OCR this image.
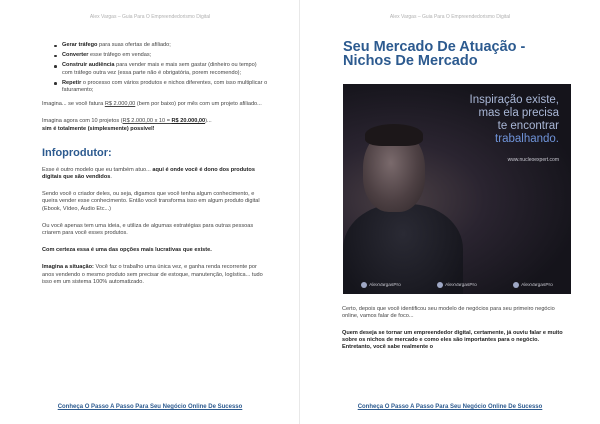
Alex Vargas – Guia Para O Empreendedorismo Digital
Gerar tráfego para suas ofertas de afiliado;
Converter esse tráfego em vendas;
Construir audiência para vender mais e mais sem gastar (dinheiro ou tempo) com tráfego outra vez (essa parte não é obrigatória, porem recomendo);
Repetir o processo com vários produtos e nichos diferentes, com isso multiplicar o faturamento;

Imagina... se você fatura R$ 2.000,00 (bem por baixo) por mês com um projeto afiliado...

Imagina agora com 10 projetos (R$ 2.000,00 x 10 = R$ 20.000,00)...
sim é totalmente (simplesmente) possível!

Infoprodutor:

Esse é outro modelo que eu também atuo... aqui é onde você é dono dos produtos digitais que são vendidos.

Sendo você o criador deles, ou seja, digamos que você tenha algum conhecimento, e queira vender esse conhecimento. Então você transforma isso em algum produto digital (Ebook, Vídeo, Áudio Etc...)

Ou você apenas tem uma ideia, e utiliza de algumas estratégias para outras pessoas criarem para você esses produtos.

Com certeza essa é uma das opções mais lucrativas que existe.

Imagina a situação: Você faz o trabalho uma única vez, e ganha renda recorrente por anos vendendo o mesmo produto sem precisar de estoque, manutenção, logística... tudo isso em um sistema 100% automatizado.

Conheça O Passo A Passo Para Seu Negócio Online De Sucesso
Alex Vargas – Guia Para O Empreendedorismo Digital
Seu Mercado De Atuação - Nichos De Mercado
Inspiração existe,
mas ela precisa
te encontrar
trabalhando.
www.nucleoexpert.com
AlexVargasPro	AlexVargasPro	AlexVargasPro

Certo, depois que você identificou seu modelo de negócios para seu primeiro negócio online, vamos falar de foco...

Quem deseja se tornar um empreendedor digital, certamente, já ouviu falar e muito sobre os nichos de mercado e como eles são importantes para o negócio. Entretanto, você sabe realmente o

Conheça O Passo A Passo Para Seu Negócio Online De Sucesso
